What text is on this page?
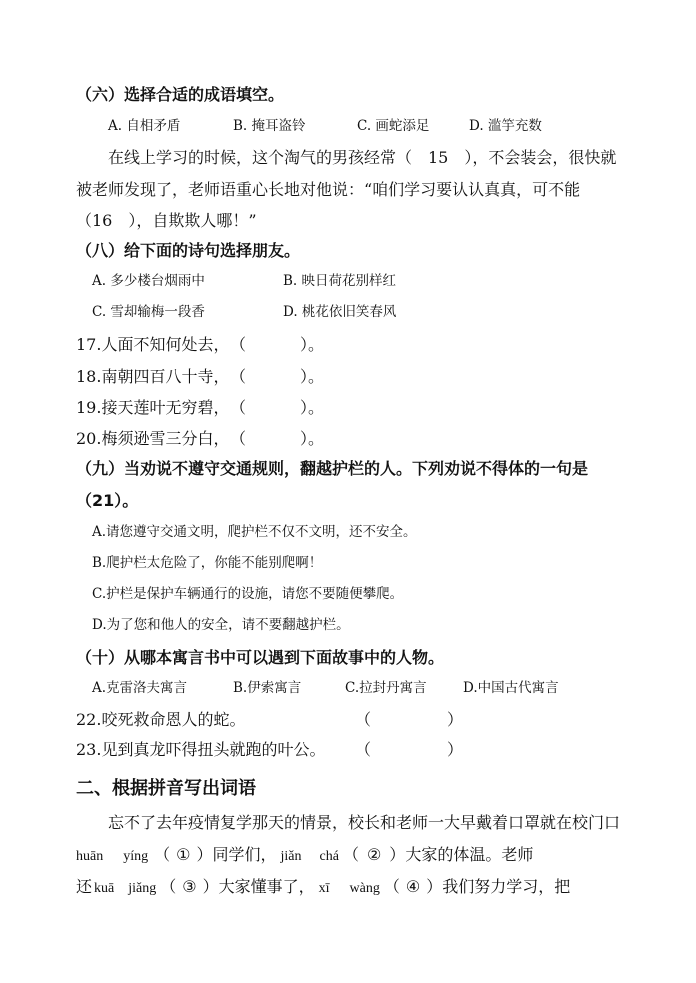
（六）选择合适的成语填空。
A. 自相矛盾	B. 掩耳盗铃	C. 画蛇添足	D. 滥竽充数
在线上学习的时候，这个淘气的男孩经常（　15　），不会装会，很快就
被老师发现了，老师语重心长地对他说：“咱们学习要认认真真，可不能
（16　），自欺欺人哪！”
（八）给下面的诗句选择朋友。
A. 多少楼台烟雨中	B. 映日荷花别样红
C. 雪却输梅一段香	D. 桃花依旧笑春风
17.人面不知何处去， （	）。
18.南朝四百八十寺， （	）。
19.接天莲叶无穷碧， （	）。
20.梅须逊雪三分白， （	）。
（九）当劝说不遵守交通规则，翻越护栏的人。下列劝说不得体的一句是
（21）。
A.请您遵守交通文明，爬护栏不仅不文明，还不安全。
B.爬护栏太危险了，你能不能别爬啊！
C.护栏是保护车辆通行的设施，请您不要随便攀爬。
D.为了您和他人的安全，请不要翻越护栏。
（十）从哪本寓言书中可以遇到下面故事中的人物。
A.克雷洛夫寓言	B.伊索寓言	C.拉封丹寓言	D.中国古代寓言
22.咬死救命恩人的蛇。	（	）
23.见到真龙吓得扭头就跑的叶公。 （	）
二、根据拼音写出词语
忘不了去年疫情复学那天的情景，校长和老师一大早戴着口罩就在校门口
huān yíng （ ① ）同学们， jiǎn chá （ ② ）大家的体温。老师
还 kuā jiǎng （ ③ ）大家懂事了， xī wàng （ ④ ）我们努力学习，把
